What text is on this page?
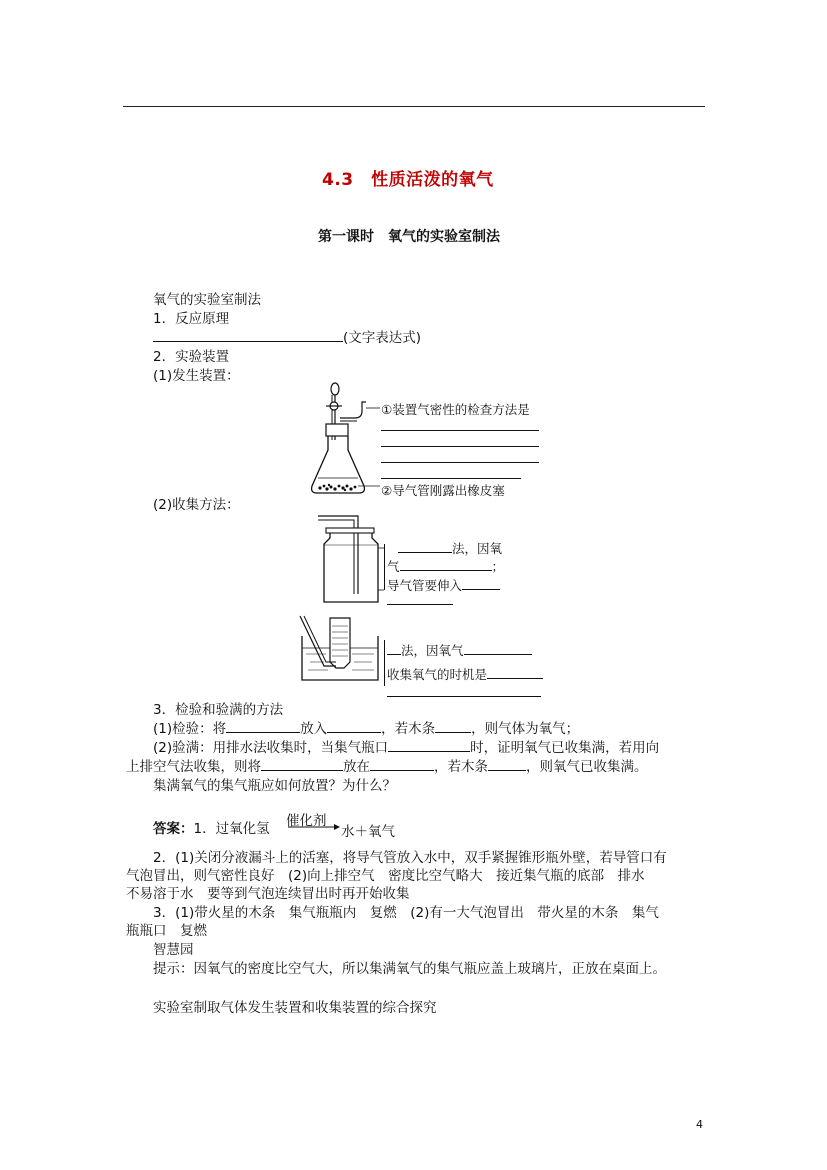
4.3　性质活泼的氧气
第一课时　氧气的实验室制法
氧气的实验室制法
1．反应原理
(文字表达式)
2．实验装置
(1)发生装置：
①装置气密性的检查方法是
②导气管刚露出橡皮塞
(2)收集方法：
法，因氧
气	；
导气管要伸入
法，因氧气
收集氧气的时机是
3．检验和验满的方法
(1)检验：将	放入	，若木条	，则气体为氧气；
(2)验满：用排水法收集时，当集气瓶口	时，证明氧气已收集满，若用向
上排空气法收集，则将	放在	，若木条	，则氧气已收集满。
集满氧气的集气瓶应如何放置？为什么？
答案：1．过氧化氢 催化剂
水＋氧气
2．(1)关闭分液漏斗上的活塞，将导气管放入水中，双手紧握锥形瓶外壁，若导管口有
气泡冒出，则气密性良好　(2)向上排空气　密度比空气略大　接近集气瓶的底部　排水
不易溶于水　要等到气泡连续冒出时再开始收集
3．(1)带火星的木条　集气瓶瓶内　复燃　(2)有一大气泡冒出　带火星的木条　集气
瓶瓶口　复燃
智慧园
提示：因氧气的密度比空气大，所以集满氧气的集气瓶应盖上玻璃片，正放在桌面上。
实验室制取气体发生装置和收集装置的综合探究
4
